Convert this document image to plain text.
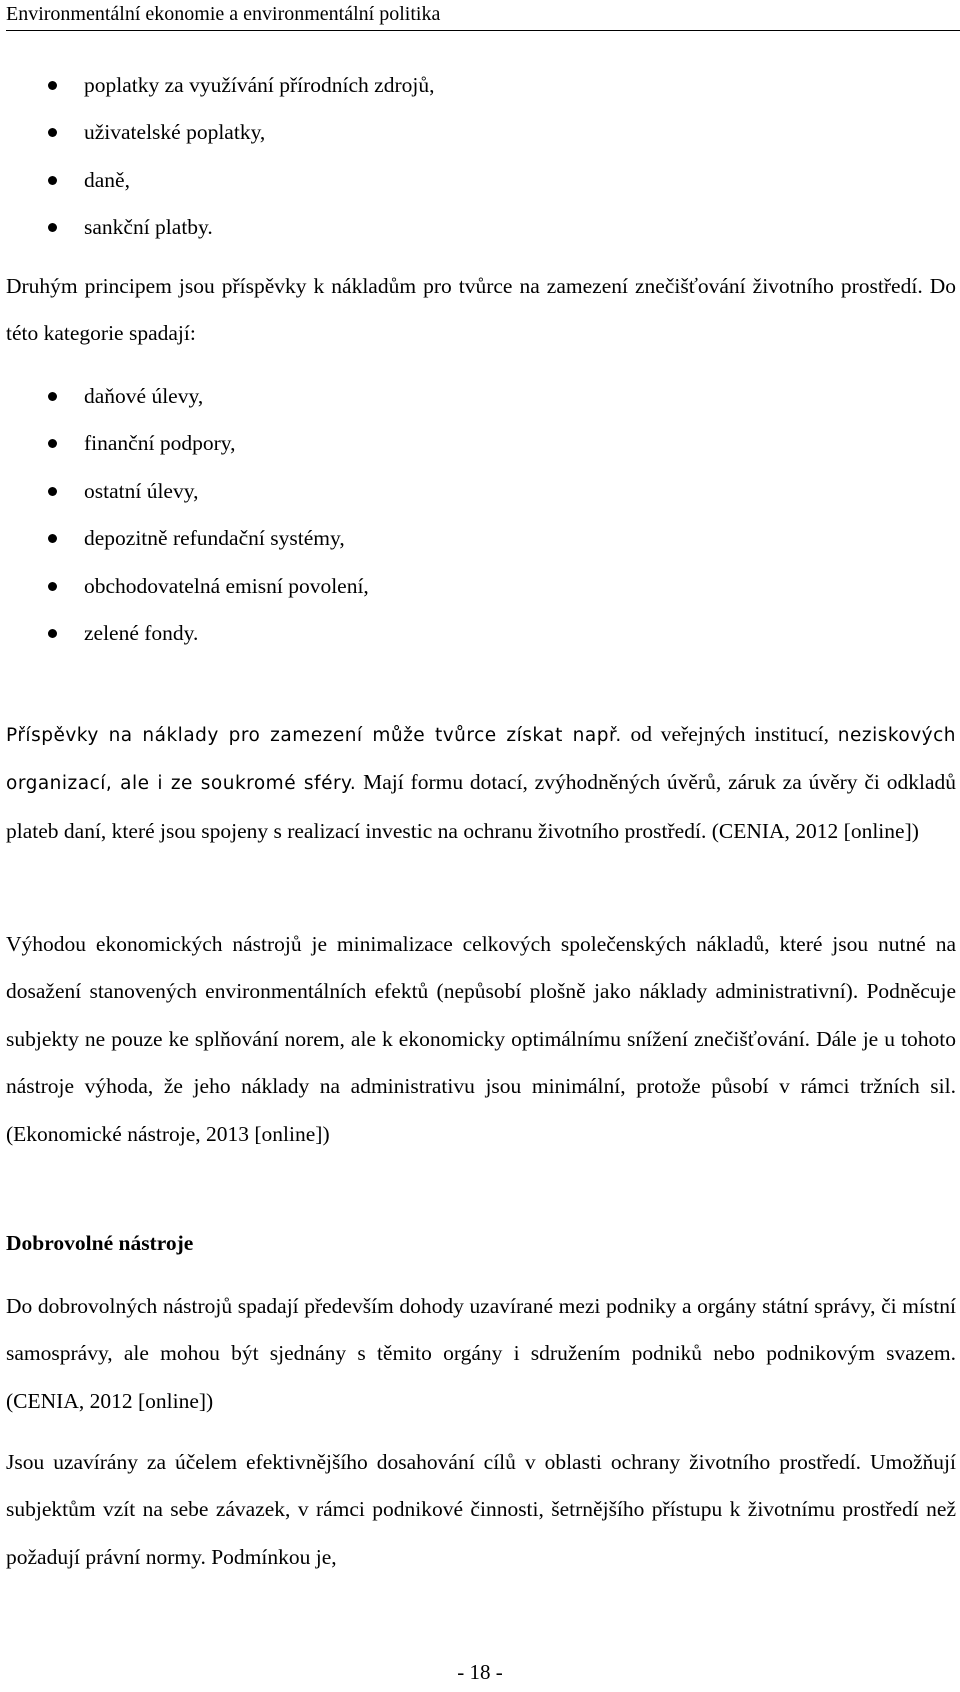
Environmentální ekonomie a environmentální politika
poplatky za využívání přírodních zdrojů,
uživatelské poplatky,
daně,
sankční platby.

Druhým principem jsou příspěvky k nákladům pro tvůrce na zamezení znečišťování životního prostředí. Do této kategorie spadají:

daňové úlevy,
finanční podpory,
ostatní úlevy,
depozitně refundační systémy,
obchodovatelná emisní povolení,
zelené fondy.

Příspěvky na náklady pro zamezení může tvůrce získat např. od veřejných institucí, neziskových organizací, ale i ze soukromé sféry. Mají formu dotací, zvýhodněných úvěrů, záruk za úvěry či odkladů plateb daní, které jsou spojeny s realizací investic na ochranu životního prostředí. (CENIA, 2012 [online])

Výhodou ekonomických nástrojů je minimalizace celkových společenských nákladů, které jsou nutné na dosažení stanovených environmentálních efektů (nepůsobí plošně jako náklady administrativní). Podněcuje subjekty ne pouze ke splňování norem, ale k ekonomicky optimálnímu snížení znečišťování. Dále je u tohoto nástroje výhoda, že jeho náklady na administrativu jsou minimální, protože působí v rámci tržních sil. (Ekonomické nástroje, 2013 [online])

Dobrovolné nástroje

Do dobrovolných nástrojů spadají především dohody uzavírané mezi podniky a orgány státní správy, či místní samosprávy, ale mohou být sjednány s těmito orgány i sdružením podniků nebo podnikovým svazem. (CENIA, 2012 [online])

Jsou uzavírány za účelem efektivnějšího dosahování cílů v oblasti ochrany životního prostředí. Umožňují subjektům vzít na sebe závazek, v rámci podnikové činnosti, šetrnějšího přístupu k životnímu prostředí než požadují právní normy. Podmínkou je,

- 18 -
